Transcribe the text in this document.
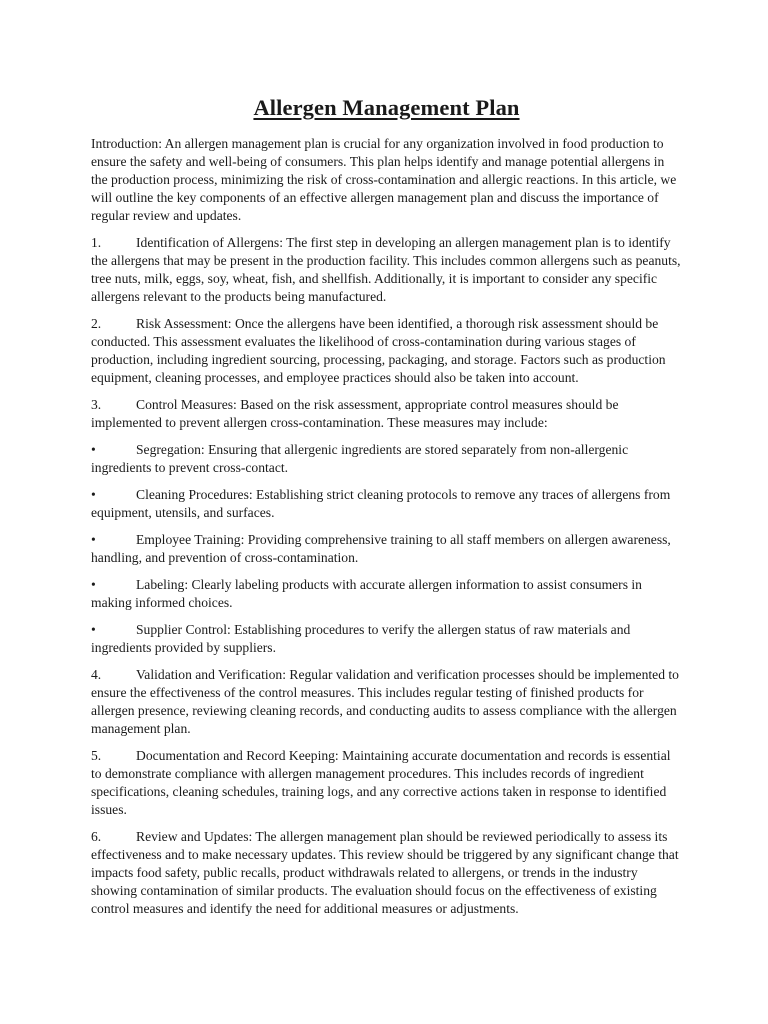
Allergen Management Plan

Introduction: An allergen management plan is crucial for any organization involved in food production to ensure the safety and well-being of consumers. This plan helps identify and manage potential allergens in the production process, minimizing the risk of cross-contamination and allergic reactions. In this article, we will outline the key components of an effective allergen management plan and discuss the importance of regular review and updates.

1.	Identification of Allergens: The first step in developing an allergen management plan is to identify the allergens that may be present in the production facility. This includes common allergens such as peanuts, tree nuts, milk, eggs, soy, wheat, fish, and shellfish. Additionally, it is important to consider any specific allergens relevant to the products being manufactured.

2.	Risk Assessment: Once the allergens have been identified, a thorough risk assessment should be conducted. This assessment evaluates the likelihood of cross-contamination during various stages of production, including ingredient sourcing, processing, packaging, and storage. Factors such as production equipment, cleaning processes, and employee practices should also be taken into account.

3.	Control Measures: Based on the risk assessment, appropriate control measures should be implemented to prevent allergen cross-contamination. These measures may include:

•	Segregation: Ensuring that allergenic ingredients are stored separately from non-allergenic ingredients to prevent cross-contact.

•	Cleaning Procedures: Establishing strict cleaning protocols to remove any traces of allergens from equipment, utensils, and surfaces.

•	Employee Training: Providing comprehensive training to all staff members on allergen awareness, handling, and prevention of cross-contamination.

•	Labeling: Clearly labeling products with accurate allergen information to assist consumers in making informed choices.

•	Supplier Control: Establishing procedures to verify the allergen status of raw materials and ingredients provided by suppliers.

4.	Validation and Verification: Regular validation and verification processes should be implemented to ensure the effectiveness of the control measures. This includes regular testing of finished products for allergen presence, reviewing cleaning records, and conducting audits to assess compliance with the allergen management plan.

5.	Documentation and Record Keeping: Maintaining accurate documentation and records is essential to demonstrate compliance with allergen management procedures. This includes records of ingredient specifications, cleaning schedules, training logs, and any corrective actions taken in response to identified issues.

6.	Review and Updates: The allergen management plan should be reviewed periodically to assess its effectiveness and to make necessary updates. This review should be triggered by any significant change that impacts food safety, public recalls, product withdrawals related to allergens, or trends in the industry showing contamination of similar products. The evaluation should focus on the effectiveness of existing control measures and identify the need for additional measures or adjustments.
